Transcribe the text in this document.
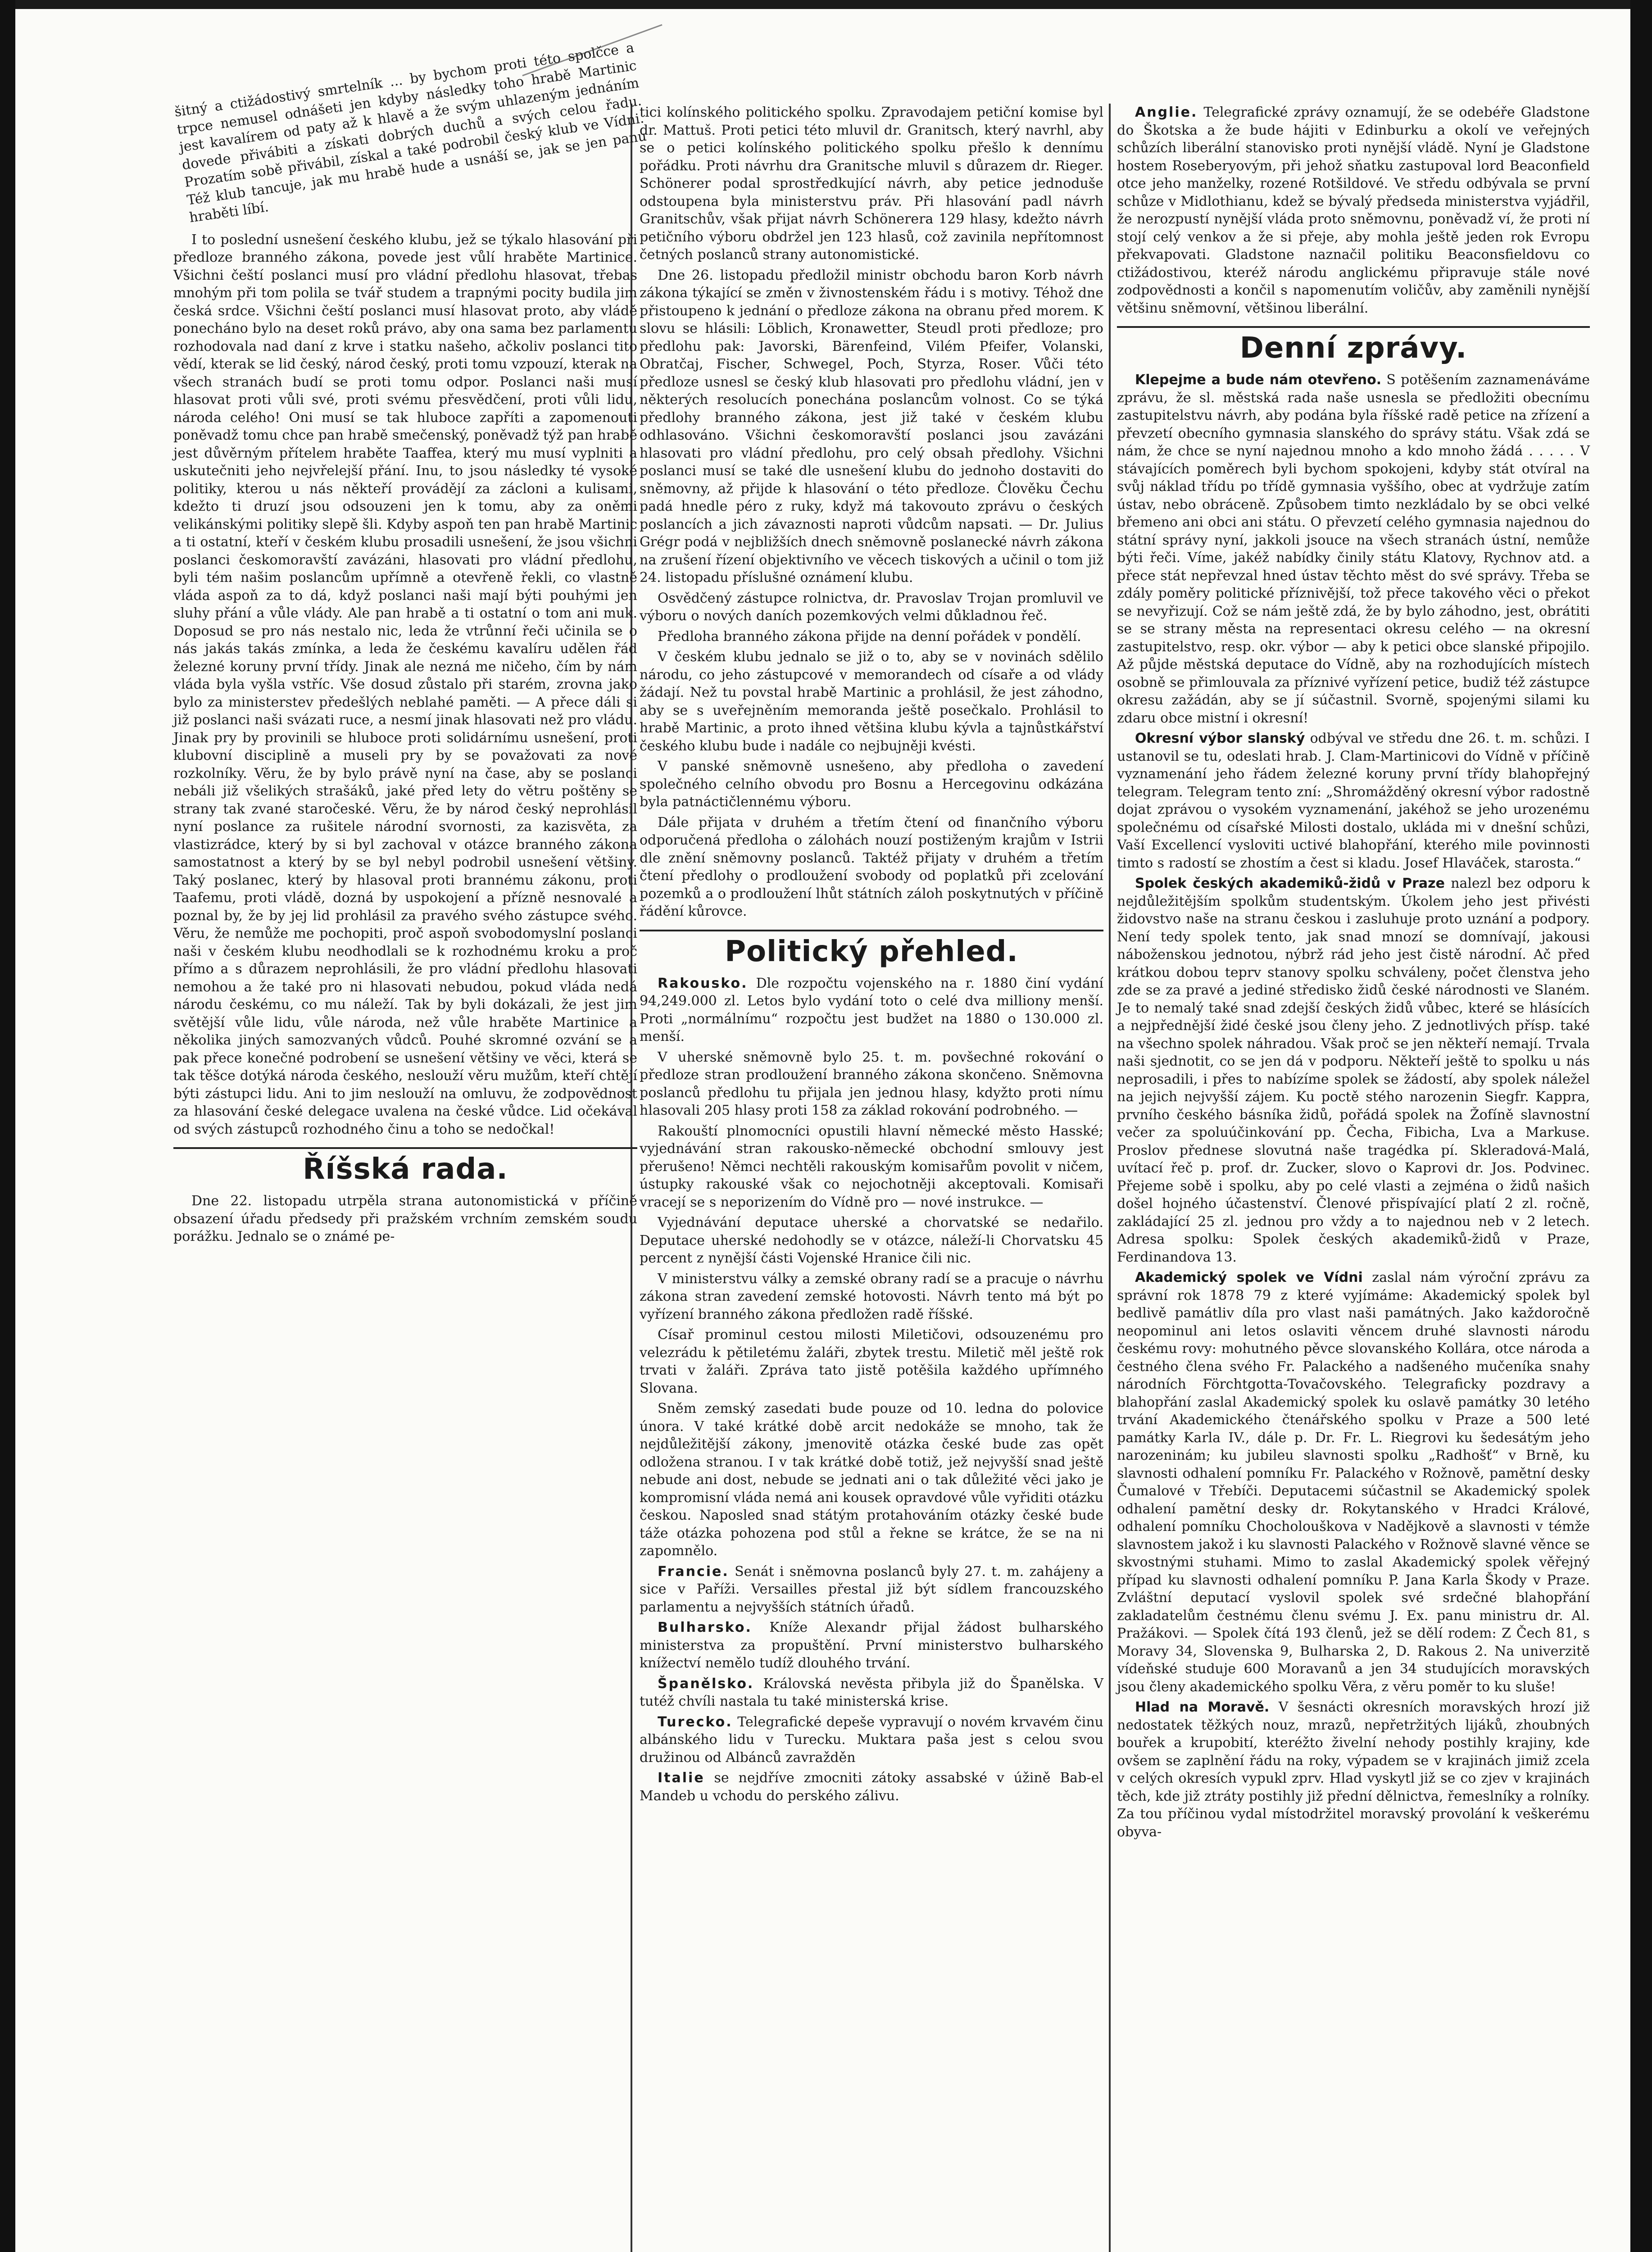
šitný a ctižádostivý smrtelník ... by bychom proti této spolčce a trpce nemusel odnášeti jen kdyby následky toho hrabě Martinic jest kavalírem od paty až k hlavě a že svým uhlazeným jednáním dovede přivábiti a získati dobrých duchů a svých celou řadu. Prozatím sobě přivábil, získal a také podrobil český klub ve Vídni. Též klub tancuje, jak mu hrabě hude a usnáší se, jak se jen panu hraběti líbí.

I to poslední usnešení českého klubu, jež se týkalo hlasování při předloze branného zákona, povede jest vůlí hraběte Martinice. Všichni čeští poslanci musí pro vládní předlohu hlasovat, třebas mnohým při tom polila se tvář studem a trapnými pocity budila jim česká srdce. Všichni čeští poslanci musí hlasovat proto, aby vládě ponecháno bylo na deset roků právo, aby ona sama bez parlamentu rozhodovala nad daní z krve i statku našeho, ačkoliv poslanci tito vědí, kterak se lid český, národ český, proti tomu vzpouzí, kterak na všech stranách budí se proti tomu odpor. Poslanci naši musí hlasovat proti vůli své, proti svému přesvědčení, proti vůli lidu, národa celého! Oni musí se tak hluboce zapříti a zapomenouti poněvadž tomu chce pan hrabě smečenský, poněvadž týž pan hrabě jest důvěrným přítelem hraběte Taaffea, který mu musí vyplniti a uskutečniti jeho nejvřelejší přání. Inu, to jsou následky té vysoké politiky, kterou u nás někteří provádějí za zácloni a kulisami, kdežto ti druzí jsou odsouzeni jen k tomu, aby za oněmi velikánskými politiky slepě šli. Kdyby aspoň ten pan hrabě Martinic a ti ostatní, kteří v českém klubu prosadili usnešení, že jsou všichni poslanci českomoravští zavázáni, hlasovati pro vládní předlohu, byli tém našim poslancům upřímně a otevřeně řekli, co vlastně vláda aspoň za to dá, když poslanci naši mají býti pouhými jen sluhy přání a vůle vlády. Ale pan hrabě a ti ostatní o tom ani muk. Doposud se pro nás nestalo nic, leda že vtrůnní řeči učinila se o nás jakás takás zmínka, a leda že českému kavalíru udělen řád železné koruny první třídy. Jinak ale nezná me ničeho, čím by nám vláda byla vyšla vstříc. Vše dosud zůstalo při starém, zrovna jako bylo za ministerstev předešlých neblahé paměti. — A přece dáli si již poslanci naši svázati ruce, a nesmí jinak hlasovati než pro vládu. Jinak pry by provinili se hluboce proti solidárnímu usnešení, proti klubovní disciplině a museli pry by se považovati za nové rozkolníky. Věru, že by bylo právě nyní na čase, aby se poslanci nebáli již všelikých strašáků, jaké před lety do větru poštěny se strany tak zvané staročeské. Věru, že by národ český neprohlásil nyní poslance za rušitele národní svornosti, za kazisvěta, za vlastizrádce, který by si byl zachoval v otázce branného zákona samostatnost a který by se byl nebyl podrobil usnešení většiny. Taký poslanec, který by hlasoval proti brannému zákonu, proti Taafemu, proti vládě, dozná by uspokojení a přízně nesnovalé a poznal by, že by jej lid prohlásil za pravého svého zástupce svého. Věru, že nemůže me pochopiti, proč aspoň svobodomyslní poslanci naši v českém klubu neodhodlali se k rozhodnému kroku a proč přímo a s důrazem neprohlásili, že pro vládní předlohu hlasovati nemohou a že také pro ni hlasovati nebudou, pokud vláda nedá národu českému, co mu náleží. Tak by byli dokázali, že jest jim světější vůle lidu, vůle národa, než vůle hraběte Martinice a několika jiných samozvaných vůdců. Pouhé skromné ozvání se a pak přece konečné podrobení se usnešení většiny ve věci, která se tak těšce dotýká národa českého, neslouží věru mužům, kteří chtějí býti zástupci lidu. Ani to jim neslouží na omluvu, že zodpovědnost za hlasování české delegace uvalena na české vůdce. Lid očekával od svých zástupců rozhodného činu a toho se nedočkal!

Říšská rada.

Dne 22. listopadu utrpěla strana autonomistická v příčině obsazení úřadu předsedy při pražském vrchním zemském soudu porážku. Jednalo se o známé pe-

tici kolínského politického spolku. Zpravodajem petiční komise byl dr. Mattuš. Proti petici této mluvil dr. Granitsch, který navrhl, aby se o petici kolínského politického spolku přešlo k dennímu pořádku. Proti návrhu dra Granitsche mluvil s důrazem dr. Rieger. Schönerer podal sprostředkující návrh, aby petice jednoduše odstoupena byla ministerstvu práv. Při hlasování padl návrh Granitschův, však přijat návrh Schönerera 129 hlasy, kdežto návrh petičního výboru obdržel jen 123 hlasů, což zavinila nepřítomnost četných poslanců strany autonomistické.

Dne 26. listopadu předložil ministr obchodu baron Korb návrh zákona týkající se změn v živnostenském řádu i s motivy. Téhož dne přistoupeno k jednání o předloze zákona na obranu před morem. K slovu se hlásili: Löblich, Kronawetter, Steudl proti předloze; pro předlohu pak: Javorski, Bärenfeind, Vilém Pfeifer, Volanski, Obratčaj, Fischer, Schwegel, Poch, Styrza, Roser. Vůči této předloze usnesl se český klub hlasovati pro předlohu vládní, jen v některých resolucích ponechána poslancům volnost. Co se týká předlohy branného zákona, jest již také v českém klubu odhlasováno. Všichni českomoravští poslanci jsou zavázáni hlasovati pro vládní předlohu, pro celý obsah předlohy. Všichni poslanci musí se také dle usnešení klubu do jednoho dostaviti do sněmovny, až přijde k hlasování o této předloze. Člověku Čechu padá hnedle péro z ruky, když má takovouto zprávu o českých poslancích a jich závaznosti naproti vůdcům napsati. — Dr. Julius Grégr podá v nejbližších dnech sněmovně poslanecké návrh zákona na zrušení řízení objektivního ve věcech tiskových a učinil o tom již 24. listopadu příslušné oznámení klubu.

Osvědčený zástupce rolnictva, dr. Pravoslav Trojan promluvil ve výboru o nových daních pozemkových velmi důkladnou řeč.

Předloha branného zákona přijde na denní pořádek v pondělí.

V českém klubu jednalo se již o to, aby se v novinách sdělilo národu, co jeho zástupcové v memorandech od císaře a od vlády žádají. Než tu povstal hrabě Martinic a prohlásil, že jest záhodno, aby se s uveřejněním memoranda ještě posečkalo. Prohlásil to hrabě Martinic, a proto ihned většina klubu kývla a tajnůstkářství českého klubu bude i nadále co nejbujněji kvésti.

V panské sněmovně usnešeno, aby předloha o zavedení společného celního obvodu pro Bosnu a Hercegovinu odkázána byla patnáctičlennému výboru.

Dále přijata v druhém a třetím čtení od finančního výboru odporučená předloha o zálohách nouzí postiženým krajům v Istrii dle znění sněmovny poslanců. Taktéž přijaty v druhém a třetím čtení předlohy o prodloužení svobody od poplatků při zcelování pozemků a o prodloužení lhůt státních záloh poskytnutých v příčině řádění kůrovce.

Politický přehled.

Rakousko. Dle rozpočtu vojenského na r. 1880 činí vydání 94,249.000 zl. Letos bylo vydání toto o celé dva milliony menší. Proti „normálnímu“ rozpočtu jest budžet na 1880 o 130.000 zl. menší.

V uherské sněmovně bylo 25. t. m. povšechné rokování o předloze stran prodloužení branného zákona skončeno. Sněmovna poslanců předlohu tu přijala jen jednou hlasy, kdyžto proti nímu hlasovali 205 hlasy proti 158 za základ rokování podrobného. —

Rakouští plnomocníci opustili hlavní německé město Hasské; vyjednávání stran rakousko-německé obchodní smlouvy jest přerušeno! Němci nechtěli rakouským komisařům povolit v ničem, ústupky rakouské však co nejochotněji akceptovali. Komisaři vracejí se s neporizením do Vídně pro — nové instrukce. —

Vyjednávání deputace uherské a chorvatské se nedařilo. Deputace uherské nedohodly se v otázce, náleží-li Chorvatsku 45 percent z nynější části Vojenské Hranice čili nic.

V ministerstvu války a zemské obrany radí se a pracuje o návrhu zákona stran zavedení zemské hotovosti. Návrh tento má být po vyřízení branného zákona předložen radě říšské.

Císař prominul cestou milosti Miletičovi, odsouzenému pro velezrádu k pětiletému žaláři, zbytek trestu. Miletič měl ještě rok trvati v žaláři. Zpráva tato jistě potěšila každého upřímného Slovana.

Sněm zemský zasedati bude pouze od 10. ledna do polovice února. V také krátké době arcit nedokáže se mnoho, tak že nejdůležitější zákony, jmenovitě otázka české bude zas opět odložena stranou. I v tak krátké době totiž, jež nejvyšší snad ještě nebude ani dost, nebude se jednati ani o tak důležité věci jako je kompromisní vláda nemá ani kousek opravdové vůle vyřiditi otázku českou. Naposled snad státým protahováním otázky české bude táže otázka pohozena pod stůl a řekne se krátce, že se na ni zapomnělo.

Francie. Senát i sněmovna poslanců byly 27. t. m. zahájeny a sice v Paříži. Versailles přestal již být sídlem francouzského parlamentu a nejvyšších státních úřadů.

Bulharsko. Kníže Alexandr přijal žádost bulharského ministerstva za propuštění. První ministerstvo bulharského knížectví nemělo tudíž dlouhého trvání.

Španělsko. Královská nevěsta přibyla již do Španělska. V tutéž chvíli nastala tu také ministerská krise.

Turecko. Telegrafické depeše vypravují o novém krvavém činu albánského lidu v Turecku. Muktara paša jest s celou svou družinou od Albánců zavražděn

Italie se nejdříve zmocniti zátoky assabské v úžině Bab-el Mandeb u vchodu do perského zálivu.

Anglie. Telegrafické zprávy oznamují, že se odebéře Gladstone do Škotska a že bude hájiti v Edinburku a okolí ve veřejných schůzích liberální stanovisko proti nynější vládě. Nyní je Gladstone hostem Roseberyovým, při jehož sňatku zastupoval lord Beaconfield otce jeho manželky, rozené Rotšildové. Ve středu odbývala se první schůze v Midlothianu, kdež se bývalý předseda ministerstva vyjádřil, že nerozpustí nynější vláda proto sněmovnu, poněvadž ví, že proti ní stojí celý venkov a že si přeje, aby mohla ještě jeden rok Evropu překvapovati. Gladstone naznačil politiku Beaconsfieldovu co ctižádostivou, kteréž národu anglickému připravuje stále nové zodpovědnosti a končil s napomenutím voličův, aby zaměnili nynější většinu sněmovní, většinou liberální.

Denní zprávy.

Klepejme a bude nám otevřeno. S potěšením zaznamenáváme zprávu, že sl. městská rada naše usnesla se předložiti obecnímu zastupitelstvu návrh, aby podána byla říšské radě petice na zřízení a převzetí obecního gymnasia slanského do správy státu. Však zdá se nám, že chce se nyní najednou mnoho a kdo mnoho žádá . . . . . V stávajících poměrech byli bychom spokojeni, kdyby stát otvíral na svůj náklad třídu po třídě gymnasia vyššího, obec at vydržuje zatím ústav, nebo obráceně. Způsobem timto nezkládalo by se obci velké břemeno ani obci ani státu. O převzetí celého gymnasia najednou do státní správy nyní, jakkoli jsouce na všech stranách ústní, nemůže býti řeči. Víme, jakéž nabídky činily státu Klatovy, Rychnov atd. a přece stát nepřevzal hned ústav těchto měst do své správy. Třeba se zdály poměry politické příznivější, tož přece takového věci o překot se nevyřizují. Což se nám ještě zdá, že by bylo záhodno, jest, obrátiti se se strany města na representaci okresu celého — na okresní zastupitelstvo, resp. okr. výbor — aby k petici obce slanské připojilo. Až půjde městská deputace do Vídně, aby na rozhodujících místech osobně se přimlouvala za příznivé vyřízení petice, budiž též zástupce okresu zažádán, aby se jí súčastnil. Svorně, spojenými silami ku zdaru obce mistní i okresní!

Okresní výbor slanský odbýval ve středu dne 26. t. m. schůzi. I ustanovil se tu, odeslati hrab. J. Clam-Martinicovi do Vídně v příčině vyznamenání jeho řádem železné koruny první třídy blahopřejný telegram. Telegram tento zní: „Shromážděný okresní výbor radostně dojat zprávou o vysokém vyznamenání, jakéhož se jeho urozenému společnému od císařské Milosti dostalo, ukláda mi v dnešní schůzi, Vaší Excellencí vysloviti uctivé blahopřání, kterého mile povinnosti timto s radostí se zhostím a čest si kladu. Josef Hlaváček, starosta.“

Spolek českých akademiků-židů v Praze nalezl bez odporu k nejdůležitějším spolkům studentským. Úkolem jeho jest přivésti židovstvo naše na stranu českou i zasluhuje proto uznání a podpory. Není tedy spolek tento, jak snad mnozí se domnívají, jakousi náboženskou jednotou, nýbrž rád jeho jest čistě národní. Ač před krátkou dobou teprv stanovy spolku schváleny, počet členstva jeho zde se za pravé a jediné středisko židů české národnosti ve Slaném. Je to nemalý také snad zdejší českých židů vůbec, které se hlásících a nejpřednější židé české jsou členy jeho. Z jednotlivých přísp. také na všechno spolek náhradou. Však proč se jen někteří nemají. Trvala naši sjednotit, co se jen dá v podporu. Někteří ještě to spolku u nás neprosadili, i přes to nabízíme spolek se žádostí, aby spolek náležel na jejich nejvyšší zájem. Ku poctě stého narozenin Siegfr. Kappra, prvního českého básníka židů, pořádá spolek na Žofíně slavnostní večer za spoluúčinkování pp. Čecha, Fibicha, Lva a Markuse. Proslov přednese slovutná naše tragédka pí. Skleradová-Malá, uvítací řeč p. prof. dr. Zucker, slovo o Kaprovi dr. Jos. Podvinec. Přejeme sobě i spolku, aby po celé vlasti a zejména o židů našich došel hojného účastenství. Členové přispívající platí 2 zl. ročně, zakládající 25 zl. jednou pro vždy a to najednou neb v 2 letech. Adresa spolku: Spolek českých akademiků-židů v Praze, Ferdinandova 13.

Akademický spolek ve Vídni zaslal nám výroční zprávu za správní rok 1878 79 z které vyjímáme: Akademický spolek byl bedlivě památliv díla pro vlast naši památných. Jako každoročně neopominul ani letos oslaviti věncem druhé slavnosti národu českému rovy: mohutného pěvce slovanského Kollára, otce národa a čestného člena svého Fr. Palackého a nadšeného mučeníka snahy národních Förchtgotta-Tovačovského. Telegraficky pozdravy a blahopřání zaslal Akademický spolek ku oslavě památky 30 letého trvání Akademického čtenářského spolku v Praze a 500 leté památky Karla IV., dále p. Dr. Fr. L. Riegrovi ku šedesátým jeho narozeninám; ku jubileu slavnosti spolku „Radhošť“ v Brně, ku slavnosti odhalení pomníku Fr. Palackého v Rožnově, pamětní desky Čumalové v Třebíči. Deputacemi súčastnil se Akademický spolek odhalení pamětní desky dr. Rokytanského v Hradci Králové, odhalení pomníku Chocholouškova v Nadějkově a slavnosti v témže slavnostem jakož i ku slavnosti Palackého v Rožnově slavné věnce se skvostnými stuhami. Mimo to zaslal Akademický spolek věřejný případ ku slavnosti odhalení pomníku P. Jana Karla Škody v Praze. Zvláštní deputací vyslovil spolek své srdečné blahopřání zakladatelům čestnému členu svému J. Ex. panu ministru dr. Al. Pražákovi. — Spolek čítá 193 členů, jež se dělí rodem: Z Čech 81, s Moravy 34, Slovenska 9, Bulharska 2, D. Rakous 2. Na univerzitě vídeňské studuje 600 Moravanů a jen 34 studujících moravských jsou členy akademického spolku Věra, z věru poměr to ku sluše!

Hlad na Moravě. V šesnácti okresních moravských hrozí již nedostatek těžkých nouz, mrazů, nepřetržitých lijáků, zhoubných bouřek a krupobití, kteréžto živelní nehody postihly krajiny, kde ovšem se zaplnění řádu na roky, výpadem se v krajinách jimiž zcela v celých okresích vypukl zprv. Hlad vyskytl již se co zjev v krajinách těch, kde již ztráty postihly již přední dělnictva, řemeslníky a rolníky. Za tou příčinou vydal místodržitel moravský provolání k veškerému obyva-
